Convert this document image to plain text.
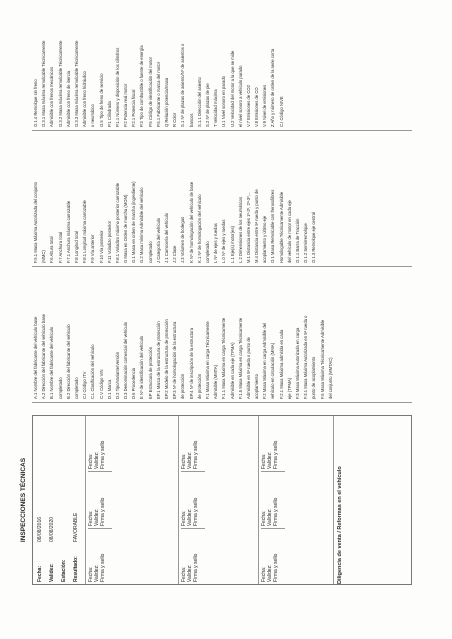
INSPECCIONES TÉCNICAS
Fecha:
08/08/2016
Validez:
08/08/2020
Estación: Resultado:
FAVORABLE
Fecha: Validez: Firma y sello
Fecha: Validez: Firma y sello
Fecha: Validez: Firma y sello
Fecha: Validez: Firma y sello
Fecha: Validez: Firma y sello
Fecha: Validez: Firma y sello
Fecha: Validez: Firma y sello
Fecha: Validez: Firma y sello
Fecha: Validez: Firma y sello
Diligencia de venta / Reformas en el vehículo
A.1 Nombre del fabricante del vehículo base A.2 Dirección del fabricante del vehículo base B.1 Nombre del fabricante del vehículo completado B.2 Dirección del fabricante del vehículo completado C.I Código ITV C.L Clasificación del vehículo C.V Código VIN D.1 Marca D.2 Tipo/Variante/Versión D.3 Denominación comercial del vehículo D.6 Procedencia E Nº de identificación del vehículo EP Estructura de protección EP.1 Marca de la estructura de protección EP.2 Modelo de la estructura de protección EP.3 Nº de homologación de la estructura de protección EP.4 Nº de inscripción de la estructura de protección F.1 Masa Máxima en carga Técnicamente Admisible (MMTA) F.1.1 Masa Máxima en carga Técnicamente Admisible en cada eje (TPMA) F.1.5 Masa Máxima en carga Técnicamente Admisible en 5ª rueda o punto de acoplamiento F.2 Masa Máxima en carga Admisible del vehículo en circulación (MMA) F.2.1 Masa Máxima admitida en cada eje (TPMA) F.3 Masa Máxima Autorizada en carga F.3.1 Masa Máxima Autorizada en 5ª rueda o punto de acoplamiento F.5 Masa Máxima Técnicamente Admisible del conjunto (MMTAC)
F.5.1 Masa Máxima Autorizada del conjunto (MMC) F.6 Altura total F.7 Anchura total F.7.1 Anchura máxima carrozable F.8 Longitud total F.8.1 Longitud máxima carrozable F.9 Vía anterior F.10 Vía posterior F.11 Voladizo posterior F.8.1 Voladizo máximo posterior carrozable G Masa en Orden de marcha (MOM) G.1 Masa en orden de marcha (ingrediente) G.2 Masa mínima Admisible del vehículo completado J Categoría del vehículo J.1 Carrocería del vehículo J.2 Clase J.3 Volumen de bodegas K Nº de homologación del vehículo de base K.1 Nº de homologación del vehículo completado L Nº de ejes y ruedas L.0 Nº de ejes y ruedas L.1 Eje(s) motor(es) L.2 Dimensiones de los neumáticos M.1 Distancia entre ejes 1º-2º, 2º-3º,... M.4 Distancia entre 5ª rueda y punto de acoplamiento y último eje O.1 Masa Remolcable con frenos/libres Homologable Técnicamente Admisible del vehículo de motor en cada eje O.1.1 Barra de Tracción O.1.2 Semirremolque O.1.3 Remolque eje central
O.1.4 Remolque sin freno O.3.1 Masa máxima remolcable Técnicamente Admisible con frenos mecánicos O.3.2 Masa máxima remolcable Técnicamente Admisible con freno de inercia O.3.3 Masa máxima remolcable Técnicamente Admisible con freno hidráulico o neumático O.5 Tipo de freno de servicio P.1 Cilindrada P.1.1 Número y disposición de los cilindros P.2 Potencia real motor P.2.1 Potencia fiscal P.3 Tipo de combustible o fuente de energía P.5 Código de identificación del motor P.5.1 Fabricante o marca del motor Q Relación potencia/masa R Color S.1 Nº de plazas de asiento/Nº de asientos o bancos S.1.1 Dirección del asiento S.2 Nº de plazas de pie T Velocidad máxima U.1 Nivel sonoro en parado U.2 Velocidad del motor a la que se mide el nivel sonoro a vehículo parado V.7 Emisiones de CO2 V.8 Emisiones de CO V.9 Nivel de emisiones Z Año y número de orden de la serie corta C.I Código NIVE
